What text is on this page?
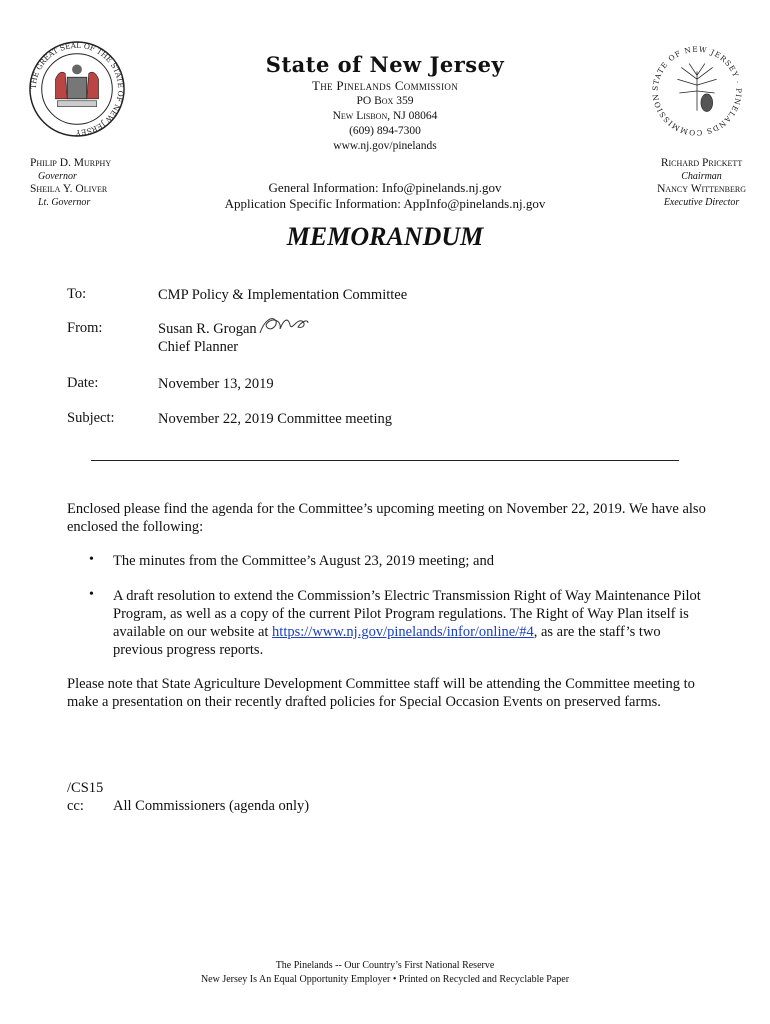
THE GREAT SEAL OF THE STATE OF NEW JERSEY
STATE OF NEW JERSEY · PINELANDS COMMISSION
State of New Jersey
The Pinelands Commission
PO Box 359
New Lisbon, NJ 08064
(609) 894-7300
www.nj.gov/pinelands
General Information: Info@pinelands.nj.gov
Application Specific Information: AppInfo@pinelands.nj.gov
Philip D. Murphy
Governor
Sheila Y. Oliver
Lt. Governor
Richard Prickett
Chairman
Nancy Wittenberg
Executive Director
MEMORANDUM
To:	CMP Policy & Implementation Committee
From:	Susan R. Grogan
Chief Planner
Date:	November 13, 2019
Subject:	November 22, 2019 Committee meeting
Enclosed please find the agenda for the Committee’s upcoming meeting on November 22, 2019. We have also enclosed the following:
• The minutes from the Committee’s August 23, 2019 meeting; and
• A draft resolution to extend the Commission’s Electric Transmission Right of Way Maintenance Pilot Program, as well as a copy of the current Pilot Program regulations. The Right of Way Plan itself is available on our website at https://www.nj.gov/pinelands/infor/online/#4, as are the staff’s two previous progress reports.
Please note that State Agriculture Development Committee staff will be attending the Committee meeting to make a presentation on their recently drafted policies for Special Occasion Events on preserved farms.
/CS15
cc: All Commissioners (agenda only)
The Pinelands -- Our Country’s First National Reserve
New Jersey Is An Equal Opportunity Employer • Printed on Recycled and Recyclable Paper
